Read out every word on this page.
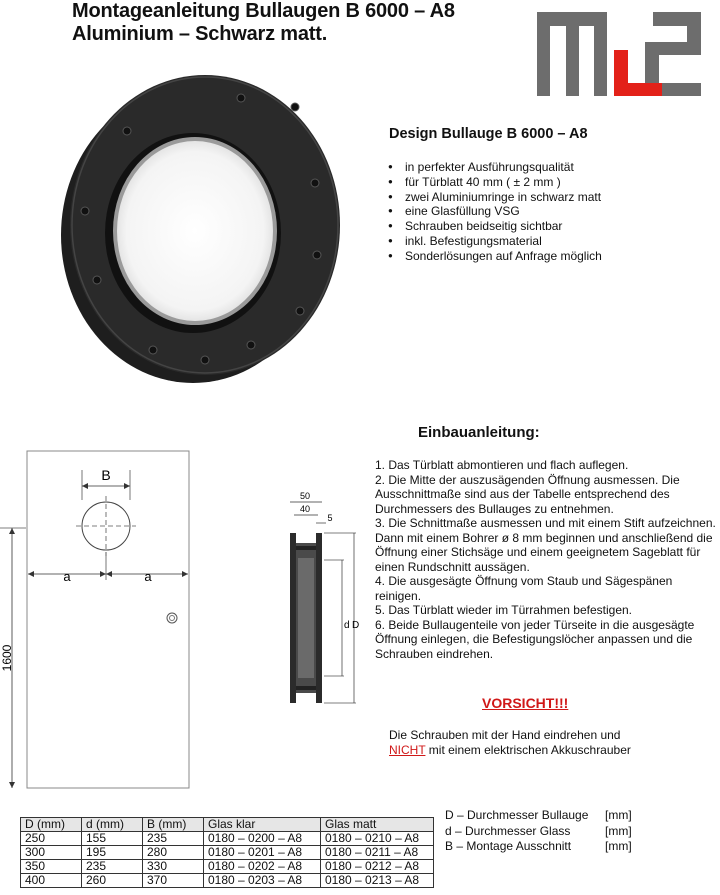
Montageanleitung Bullaugen B 6000 – A8
Aluminium – Schwarz matt.
Design Bullauge B 6000 – A8
● in perfekter Ausführungsqualität
● für Türblatt 40 mm ( ± 2 mm )
● zwei Aluminiumringe in schwarz matt
● eine Glasfüllung VSG
● Schrauben beidseitig sichtbar
● inkl. Befestigungsmaterial
● Sonderlösungen auf Anfrage möglich
Einbauanleitung:
B
a	a
1600
50
40
5
d D
1. Das Türblatt abmontieren und flach auflegen.
2. Die Mitte der auszusägenden Öffnung ausmessen. Die Ausschnittmaße sind aus der Tabelle entsprechend des Durchmessers des Bullauges zu entnehmen.
3. Die Schnittmaße ausmessen und mit einem Stift aufzeichnen. Dann mit einem Bohrer ø 8 mm beginnen und anschließend die Öffnung einer Stichsäge und einem geeignetem Sageblatt für einen Rundschnitt aussägen.
4. Die ausgesägte Öffnung vom Staub und Sägespänen reinigen.
5. Das Türblatt wieder im Türrahmen befestigen.
6. Beide Bullaugenteile von jeder Türseite in die ausgesägte Öffnung einlegen, die Befestigungslöcher anpassen und die Schrauben eindrehen.
VORSICHT!!!
Die Schrauben mit der Hand eindrehen und
NICHT mit einem elektrischen Akkuschrauber
D (mm)	d (mm)	B (mm)	Glas klar	Glas matt
250	155	235	0180 – 0200 – A8	0180 – 0210 – A8
300	195	280	0180 – 0201 – A8	0180 – 0211 – A8
350	235	330	0180 – 0202 – A8	0180 – 0212 – A8
400	260	370	0180 – 0203 – A8	0180 – 0213 – A8
D – Durchmesser Bullauge	[mm]
d – Durchmesser Glass	[mm]
B – Montage Ausschnitt	[mm]
